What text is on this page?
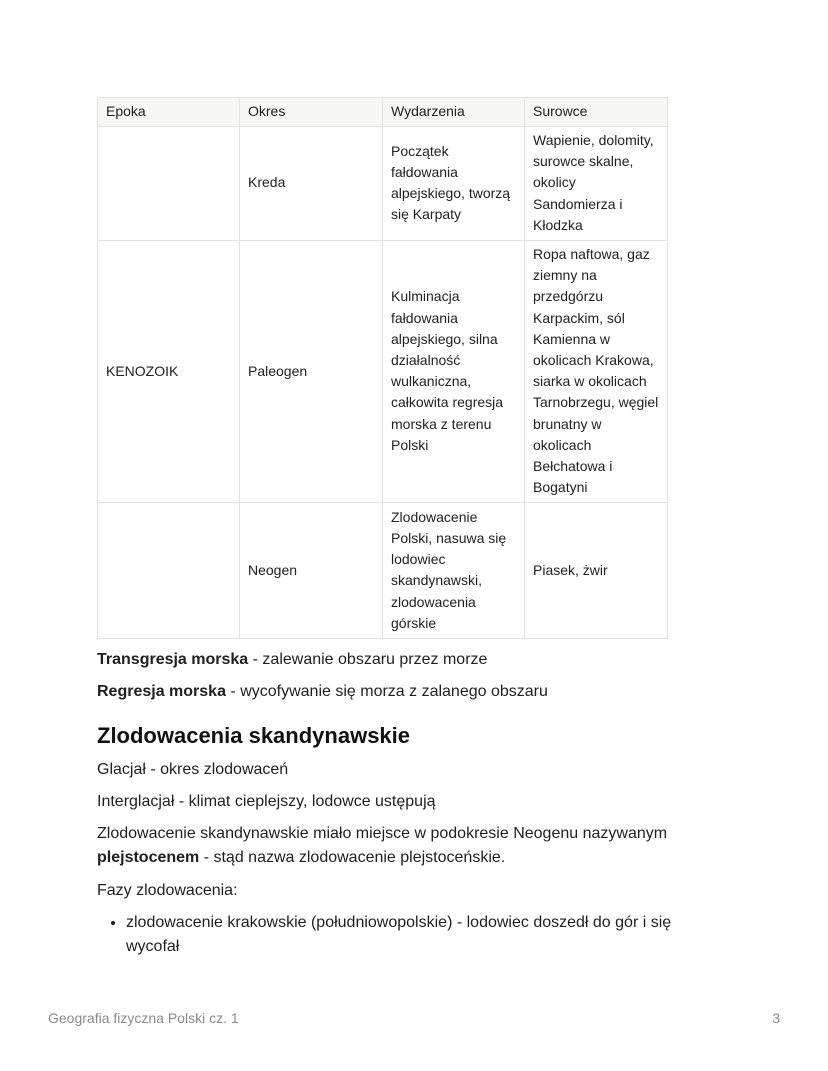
Epoka	Okres	Wydarzenia	Surowce
	Kreda	Początek fałdowania alpejskiego, tworzą się Karpaty	Wapienie, dolomity, surowce skalne, okolicy Sandomierza i Kłodzka
KENOZOIK	Paleogen	Kulminacja fałdowania alpejskiego, silna działalność wulkaniczna, całkowita regresja morska z terenu Polski	Ropa naftowa, gaz ziemny na przedgórzu Karpackim, sól Kamienna w okolicach Krakowa, siarka w okolicach Tarnobrzegu, węgiel brunatny w okolicach Bełchatowa i Bogatyni
	Neogen	Zlodowacenie Polski, nasuwa się lodowiec skandynawski, zlodowacenia górskie	Piasek, żwir

Transgresja morska - zalewanie obszaru przez morze

Regresja morska - wycofywanie się morza z zalanego obszaru

Zlodowacenia skandynawskie

Glacjał - okres zlodowaceń

Interglacjał - klimat cieplejszy, lodowce ustępują

Zlodowacenie skandynawskie miało miejsce w podokresie Neogenu nazywanym plejstocenem - stąd nazwa zlodowacenie plejstoceńskie.

Fazy zlodowacenia:

• zlodowacenie krakowskie (południowopolskie) - lodowiec doszedł do gór i się wycofał
Geografia fizyczna Polski cz. 1	3
